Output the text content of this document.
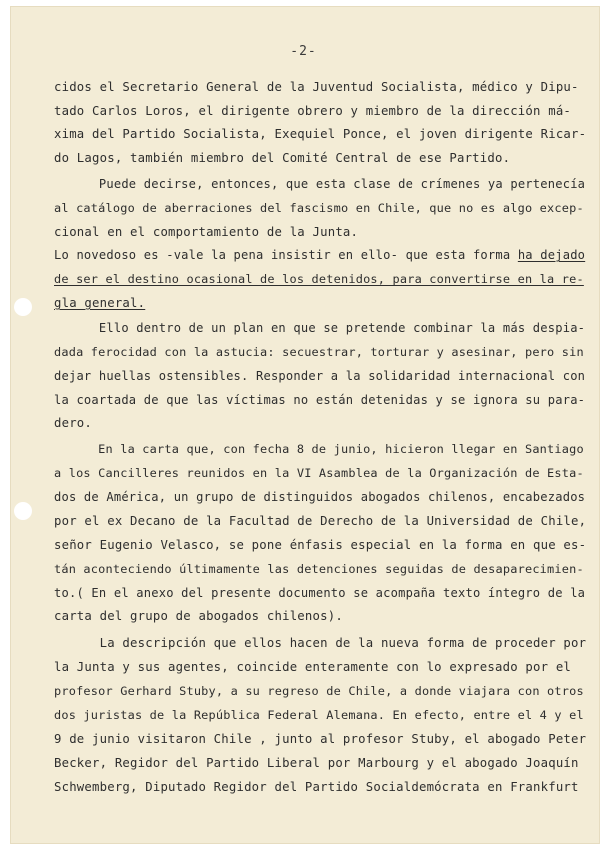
-2-
cidos el Secretario General de la Juventud Socialista, médico y Dipu-
tado Carlos Loros, el dirigente obrero y miembro de la dirección má-
xima del Partido Socialista, Exequiel Ponce, el joven dirigente Ricar-
do Lagos, también miembro del Comité Central de ese Partido.
Puede decirse, entonces, que esta clase de crímenes ya pertenecía
al catálogo de aberraciones del fascismo en Chile, que no es algo excep-
cional en el comportamiento de la Junta.
Lo novedoso es -vale la pena insistir en ello- que esta forma ha dejado
de ser el destino ocasional de los detenidos, para convertirse en la re-
gla general.
Ello dentro de un plan en que se pretende combinar la más despia-
dada ferocidad con la astucia: secuestrar, torturar y asesinar, pero sin
dejar huellas ostensibles. Responder a la solidaridad internacional con
la coartada de que las víctimas no están detenidas y se ignora su para-
dero.
En la carta que, con fecha 8 de junio, hicieron llegar en Santiago
a los Cancilleres reunidos en la VI Asamblea de la Organización de Esta-
dos de América, un grupo de distinguidos abogados chilenos, encabezados
por el ex Decano de la Facultad de Derecho de la Universidad de Chile,
señor Eugenio Velasco, se pone énfasis especial en la forma en que es-
tán aconteciendo últimamente las detenciones seguidas de desaparecimien-
to.( En el anexo del presente documento se acompaña texto íntegro de la
carta del grupo de abogados chilenos).
La descripción que ellos hacen de la nueva forma de proceder por
la Junta y sus agentes, coincide enteramente con lo expresado por el
profesor Gerhard Stuby, a su regreso de Chile, a donde viajara con otros
dos juristas de la República Federal Alemana. En efecto, entre el 4 y el
9 de junio visitaron Chile , junto al profesor Stuby, el abogado Peter
Becker, Regidor del Partido Liberal por Marbourg y el abogado Joaquín
Schwemberg, Diputado Regidor del Partido Socialdemócrata en Frankfurt
